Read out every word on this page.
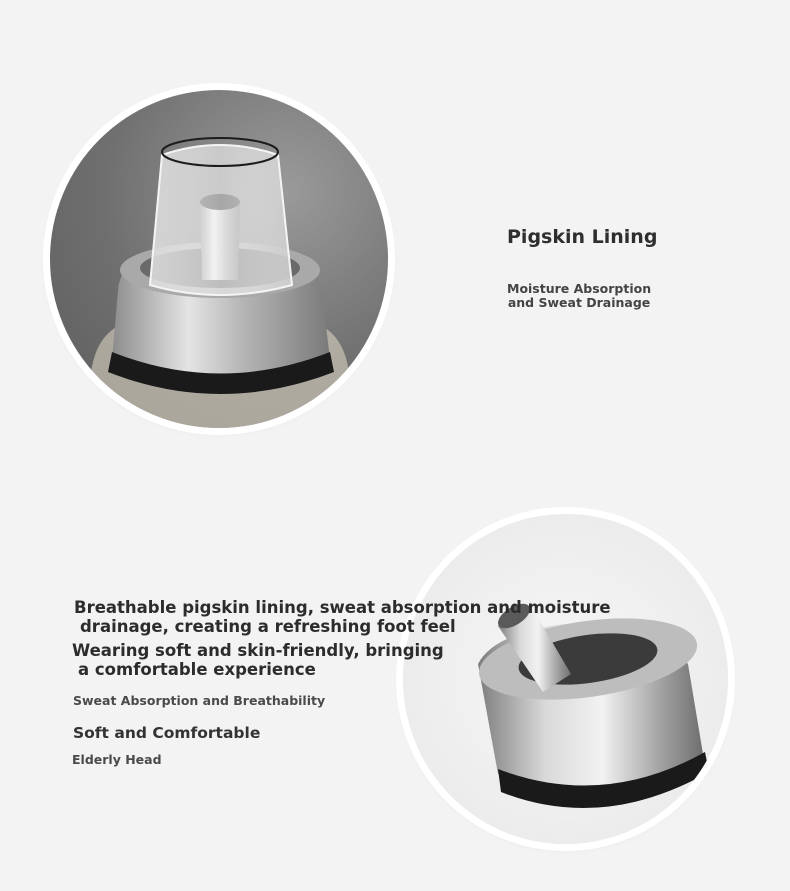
Pigskin Lining
Moisture Absorption
and Sweat Drainage
Breathable pigskin lining, sweat absorption and moisture
drainage, creating a refreshing foot feel
Wearing soft and skin-friendly, bringing
a comfortable experience
Sweat Absorption and Breathability
Soft and Comfortable
Elderly Head
